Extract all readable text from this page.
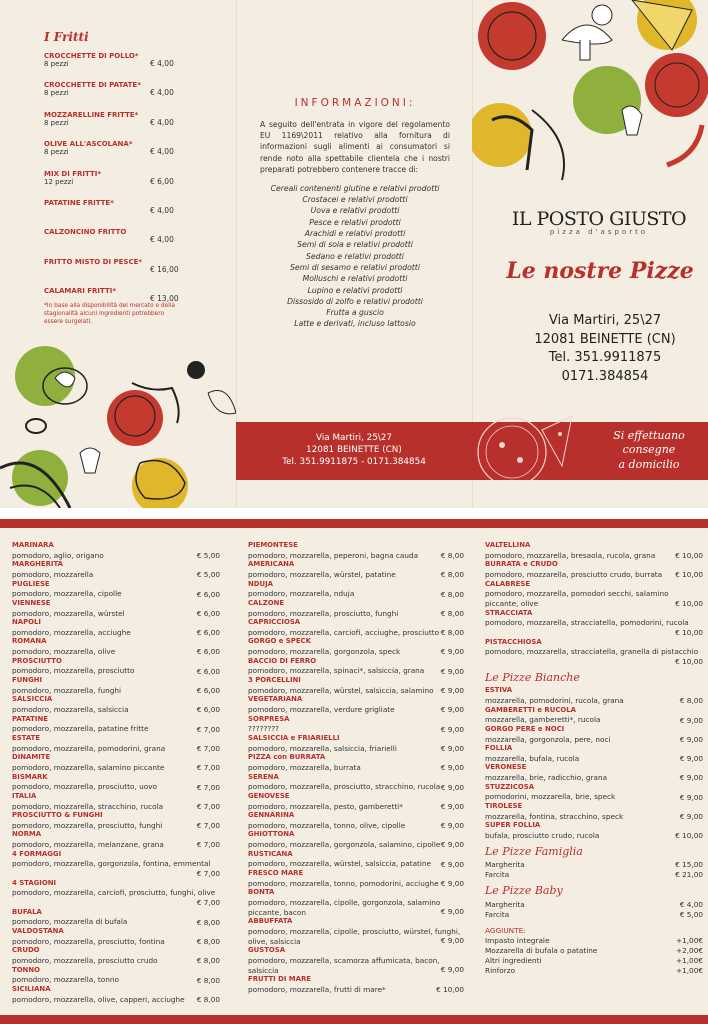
I Fritti
CROCCHETTE DI POLLO*
8 pezzi	€ 4,00
CROCCHETTE DI PATATE*
8 pezzi	€ 4,00
MOZZARELLINE FRITTE*
8 pezzi	€ 4,00
OLIVE ALL'ASCOLANA*
8 pezzi	€ 4,00
MIX DI FRITTI*
12 pezzi	€ 6,00
PATATINE FRITTE*
€ 4,00
CALZONCINO FRITTO
€ 4,00
FRITTO MISTO DI PESCE*
€ 16,00
CALAMARI FRITTI*
€ 13,00
*In base alla disponibilità del mercato e della stagionalità alcuni ingredienti potrebbero essere surgelati.
INFORMAZIONI:

A seguito dell'entrata in vigore del regolamento EU 1169\2011 relativo alla fornitura di informazioni sugli alimenti ai consumatori si rende noto alla spettabile clientela che i nostri preparati potrebbero contenere tracce di:

Cereali contenenti glutine e relativi prodotti
Crostacei e relativi prodotti
Uova e relativi prodotti
Pesce e relativi prodotti
Arachidi e relativi prodotti
Semi di soia e relativi prodotti
Sedano e relativi prodotti
Semi di sesamo e relativi prodotti
Molluschi e relativi prodotti
Lupino e relativi prodotti
Dissosido di zolfo e relativi prodotti
Frutta a guscio
Latte e derivati, incluso lattosio
IL POSTO GIUSTO
pizza d'asporto
Le nostre Pizze
Via Martiri, 25\27
12081 BEINETTE (CN)
Tel. 351.9911875
0171.384854
Via Martiri, 25\27
12081 BEINETTE (CN)
Tel. 351.9911875 - 0171.384854
Si effettuano
consegne
a domicilio
MARINARA
pomodoro, aglio, origano	€ 5,00
MARGHERITA
pomodoro, mozzarella	€ 5,00
PUGLIESE
pomodoro, mozzarella, cipolle	€ 6,00
VIENNESE
pomodoro, mozzarella, würstel	€ 6,00
NAPOLI
pomodoro, mozzarella, acciughe	€ 6,00
ROMANA
pomodoro, mozzarella, olive	€ 6,00
PROSCIUTTO
pomodoro, mozzarella, prosciutto	€ 6,00
FUNGHI
pomodoro, mozzarella, funghi	€ 6,00
SALSICCIA
pomodoro, mozzarella, salsiccia	€ 6,00
PATATINE
pomodoro, mozzarella, patatine fritte	€ 7,00
ESTATE
pomodoro, mozzarella, pomodorini, grana	€ 7,00
DINAMITE
pomodoro, mozzarella, salamino piccante	€ 7,00
BISMARK
pomodoro, mozzarella, prosciutto, uovo	€ 7,00
ITALIA
pomodoro, mozzarella, stracchino, rucola	€ 7,00
PROSCIUTTO & FUNGHI
pomodoro, mozzarella, prosciutto, funghi	€ 7,00
NORMA
pomodoro, mozzarella, melanzane, grana	€ 7,00
4 FORMAGGI
pomodoro, mozzarella, gorgonzola, fontina, emmental
€ 7,00
4 STAGIONI
pomodoro, mozzarella, carciofi, prosciutto, funghi, olive
€ 7,00
BUFALA
pomodoro, mozzarella di bufala	€ 8,00
VALDOSTANA
pomodoro, mozzarella, prosciutto, fontina	€ 8,00
CRUDO
pomodoro, mozzarella, prosciutto crudo	€ 8,00
TONNO
pomodoro, mozzarella, tonno	€ 8,00
SICILIANA
pomodoro, mozzarella, olive, capperi, acciughe	€ 8,00
PIEMONTESE
pomodoro, mozzarella, peperoni, bagna cauda	€ 8,00
AMERICANA
pomodoro, mozzarella, würstel, patatine	€ 8,00
NDUJA
pomodoro, mozzarella, nduja	€ 8,00
CALZONE
pomodoro, mozzarella, prosciutto, funghi	€ 8,00
CAPRICCIOSA
pomodoro, mozzarella, carciofi, acciughe, prosciutto € 8,00
GORGO e SPECK
pomodoro, mozzarella, gorgonzola, speck	€ 9,00
BACCIO DI FERRO
pomodoro, mozzarella, spinaci*, salsiccia, grana	€ 9,00
3 PORCELLINI
pomodoro, mozzarella, würstel, salsiccia, salamino € 9,00
VEGETARIANA
pomodoro, mozzarella, verdure grigliate	€ 9,00
SORPRESA
????????	€ 9,00
SALSICCIA e FRIARIELLI
pomodoro, mozzarella, salsiccia, friarielli	€ 9,00
PIZZA con BURRATA
pomodoro, mozzarella, burrata	€ 9,00
SERENA
pomodoro, mozzarella, prosciutto, stracchino, rucola € 9,00
GENOVESE
pomodoro, mozzarella, pesto, gamberetti*	€ 9,00
GENNARINA
pomodoro, mozzarella, tonno, olive, cipolle	€ 9,00
GHIOTTONA
pomodoro, mozzarella, gorgonzola, salamino, cipolle € 9,00
RUSTICANA
pomodoro, mozzarella, würstel, salsiccia, patatine	€ 9,00
FRESCO MARE
pomodoro, mozzarella, tonno, pomodorini, acciughe € 9,00
BONTA
pomodoro, mozzarella, cipolle, gorgonzola, salamino piccante, bacon	€ 9,00
ABBUFFATA
pomodoro, mozzarella, cipolle, prosciutto, würstel, funghi, olive, salsiccia	€ 9,00
GUSTOSA
pomodoro, mozzarella, scamorza affumicata, bacon, salsiccia	€ 9,00
FRUTTI DI MARE
pomodoro, mozzarella, frutti di mare*	€ 10,00
VALTELLINA
pomodoro, mozzarella, bresaola, rucola, grana	€ 10,00
BURRATA e CRUDO
pomodoro, mozzarella, prosciutto crudo, burrata	€ 10,00
CALABRESE
pomodoro, mozzarella, pomodori secchi, salamino piccante, olive	€ 10,00
STRACCIATA
pomodoro, mozzarella, stracciatella, pomodorini, rucola
€ 10,00
PISTACCHIOSA
pomodoro, mozzarella, stracciatella, granella di pistacchio
€ 10,00
Le Pizze Bianche
ESTIVA
mozzarella, pomodorini, rucola, grana	€ 8,00
GAMBERETTI e RUCOLA
mozzarella, gamberetti*, rucola	€ 9,00
GORGO PERE e NOCI
mozzarella, gorgonzola, pere, noci	€ 9,00
FOLLIA
mozzarella, bufala, rucola	€ 9,00
VERONESE
mozzarella, brie, radicchio, grana	€ 9,00
STUZZICOSA
pomodorini, mozzarella, brie, speck	€ 9,00
TIROLESE
mozzarella, fontina, stracchino, speck	€ 9,00
SUPER FOLLIA
bufala, prosciutto crudo, rucola	€ 10,00
Le Pizze Famiglia
Margherita	€ 15,00
Farcita	€ 21,00
Le Pizze Baby
Margherita	€ 4,00
Farcita	€ 5,00
AGGIUNTE:
Impasto integrale	+1,00€
Mozzarella di bufala o patatine	+2,00€
Altri ingredienti	+1,00€
Rinforzo	+1,00€
